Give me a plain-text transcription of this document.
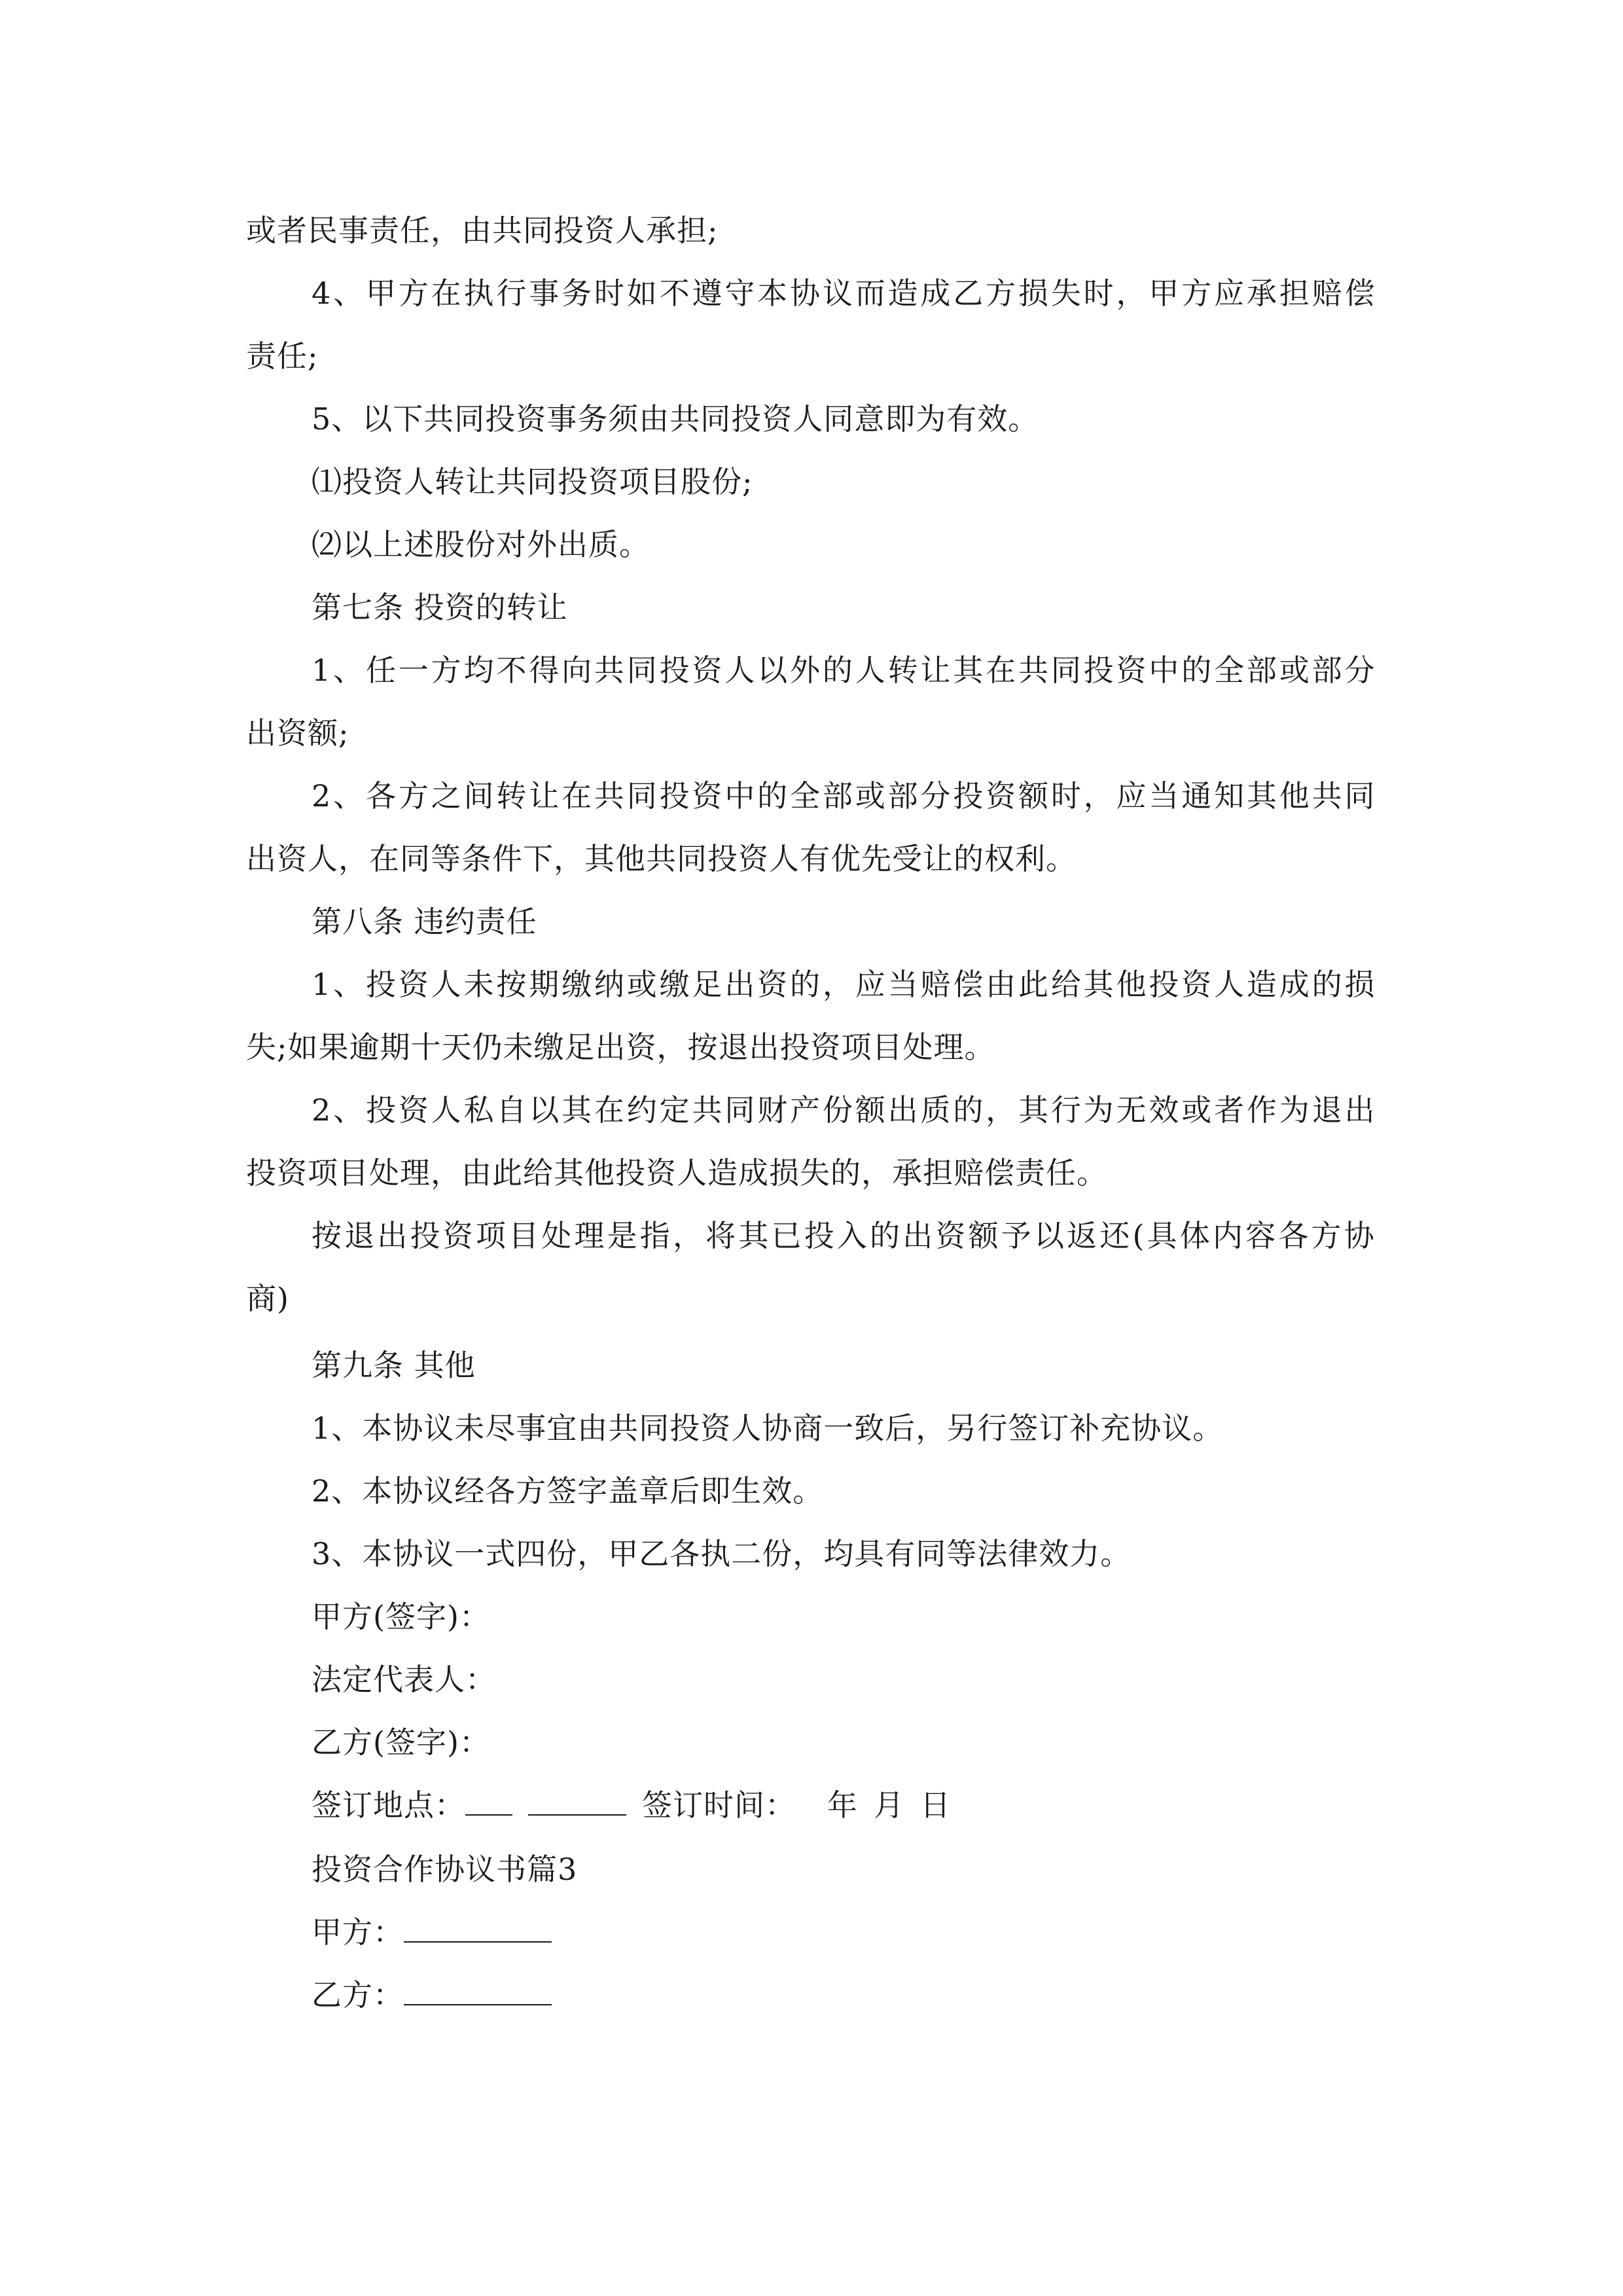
或者民事责任，由共同投资人承担;
4、甲方在执行事务时如不遵守本协议而造成乙方损失时，甲方应承担赔偿
责任;
5、以下共同投资事务须由共同投资人同意即为有效。
⑴投资人转让共同投资项目股份;
⑵以上述股份对外出质。
第七条 投资的转让
1、任一方均不得向共同投资人以外的人转让其在共同投资中的全部或部分
出资额;
2、各方之间转让在共同投资中的全部或部分投资额时，应当通知其他共同
出资人，在同等条件下，其他共同投资人有优先受让的权利。
第八条 违约责任
1、投资人未按期缴纳或缴足出资的，应当赔偿由此给其他投资人造成的损
失;如果逾期十天仍未缴足出资，按退出投资项目处理。
2、投资人私自以其在约定共同财产份额出质的，其行为无效或者作为退出
投资项目处理，由此给其他投资人造成损失的，承担赔偿责任。
按退出投资项目处理是指，将其已投入的出资额予以返还(具体内容各方协
商)
第九条 其他
1、本协议未尽事宜由共同投资人协商一致后，另行签订补充协议。
2、本协议经各方签字盖章后即生效。
3、本协议一式四份，甲乙各执二份，均具有同等法律效力。
甲方(签字)：
法定代表人：
乙方(签字)：
签订地点：	签订时间： 年 月 日
投资合作协议书篇3
甲方：
乙方：
